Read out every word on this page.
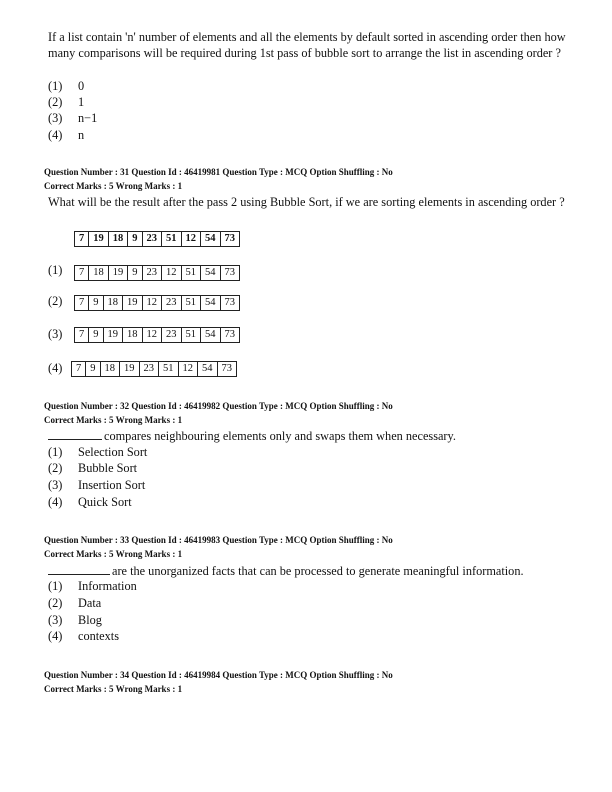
If a list contain 'n' number of elements and all the elements by default sorted in ascending order then how many comparisons will be required during 1st pass of bubble sort to arrange the list in ascending order ?
(1) 0
(2) 1
(3) n−1
(4) n
Question Number : 31 Question Id : 46419981 Question Type : MCQ Option Shuffling : No
Correct Marks : 5 Wrong Marks : 1
What will be the result after the pass 2 using Bubble Sort, if we are sorting elements in ascending order ?
7	19	18	9	23	51	12	54	73
(1) 7	18	19	9	23	12	51	54	73
(2) 7	9	18	19	12	23	51	54	73
(3) 7	9	19	18	12	23	51	54	73
(4) 7	9	18	19	23	51	12	54	73
Question Number : 32 Question Id : 46419982 Question Type : MCQ Option Shuffling : No
Correct Marks : 5 Wrong Marks : 1
compares neighbouring elements only and swaps them when necessary.
(1) Selection Sort
(2) Bubble Sort
(3) Insertion Sort
(4) Quick Sort
Question Number : 33 Question Id : 46419983 Question Type : MCQ Option Shuffling : No
Correct Marks : 5 Wrong Marks : 1
are the unorganized facts that can be processed to generate meaningful information.
(1) Information
(2) Data
(3) Blog
(4) contexts
Question Number : 34 Question Id : 46419984 Question Type : MCQ Option Shuffling : No
Correct Marks : 5 Wrong Marks : 1
